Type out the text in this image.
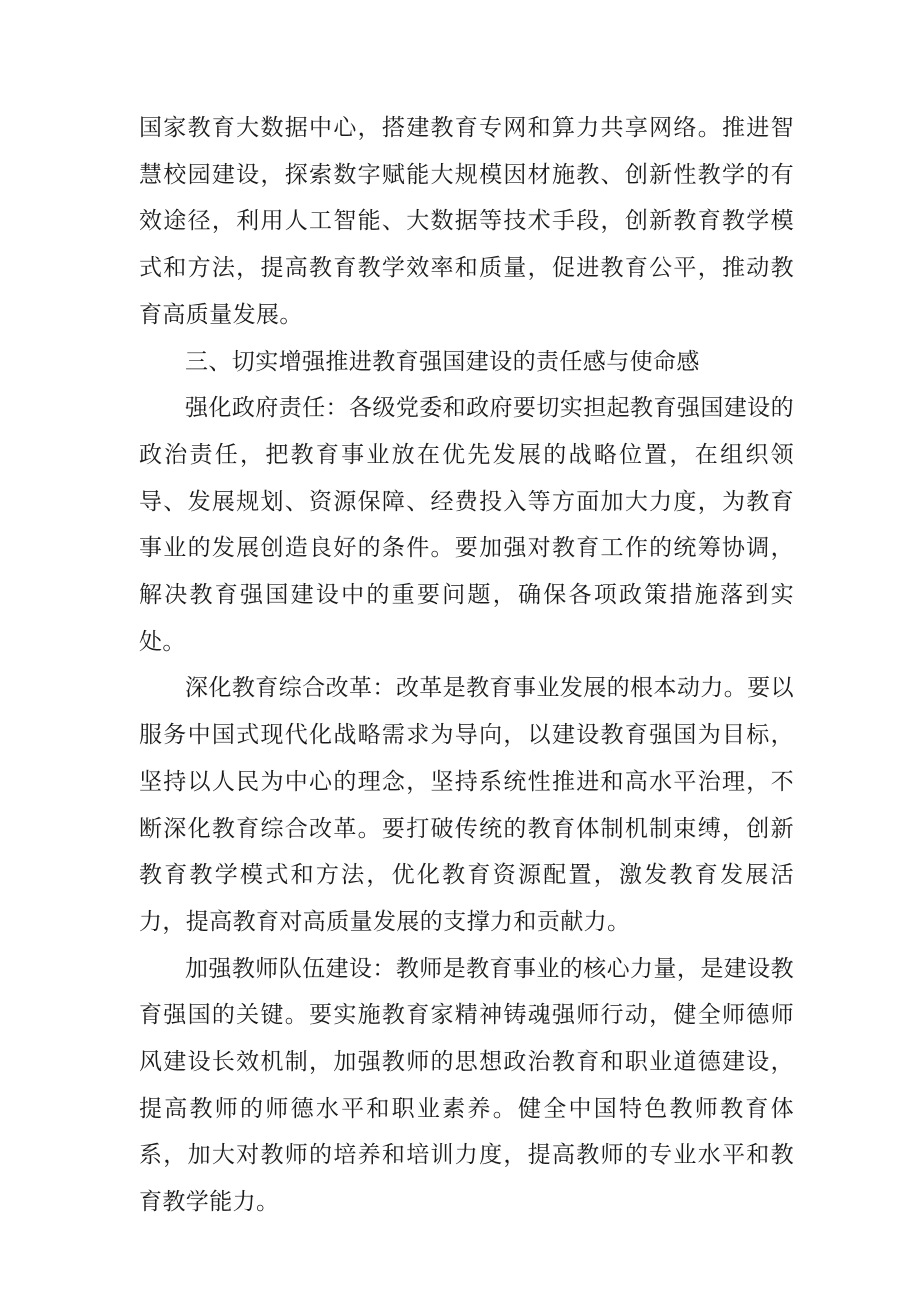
国家教育大数据中心，搭建教育专网和算力共享网络。推进智慧校园建设，探索数字赋能大规模因材施教、创新性教学的有效途径，利用人工智能、大数据等技术手段，创新教育教学模式和方法，提高教育教学效率和质量，促进教育公平，推动教育高质量发展。

三、切实增强推进教育强国建设的责任感与使命感

强化政府责任：各级党委和政府要切实担起教育强国建设的政治责任，把教育事业放在优先发展的战略位置，在组织领导、发展规划、资源保障、经费投入等方面加大力度，为教育事业的发展创造良好的条件。要加强对教育工作的统筹协调，解决教育强国建设中的重要问题，确保各项政策措施落到实处。

深化教育综合改革：改革是教育事业发展的根本动力。要以服务中国式现代化战略需求为导向，以建设教育强国为目标，坚持以人民为中心的理念，坚持系统性推进和高水平治理，不断深化教育综合改革。要打破传统的教育体制机制束缚，创新教育教学模式和方法，优化教育资源配置，激发教育发展活力，提高教育对高质量发展的支撑力和贡献力。

加强教师队伍建设：教师是教育事业的核心力量，是建设教育强国的关键。要实施教育家精神铸魂强师行动，健全师德师风建设长效机制，加强教师的思想政治教育和职业道德建设，提高教师的师德水平和职业素养。健全中国特色教师教育体系，加大对教师的培养和培训力度，提高教师的专业水平和教育教学能力。
